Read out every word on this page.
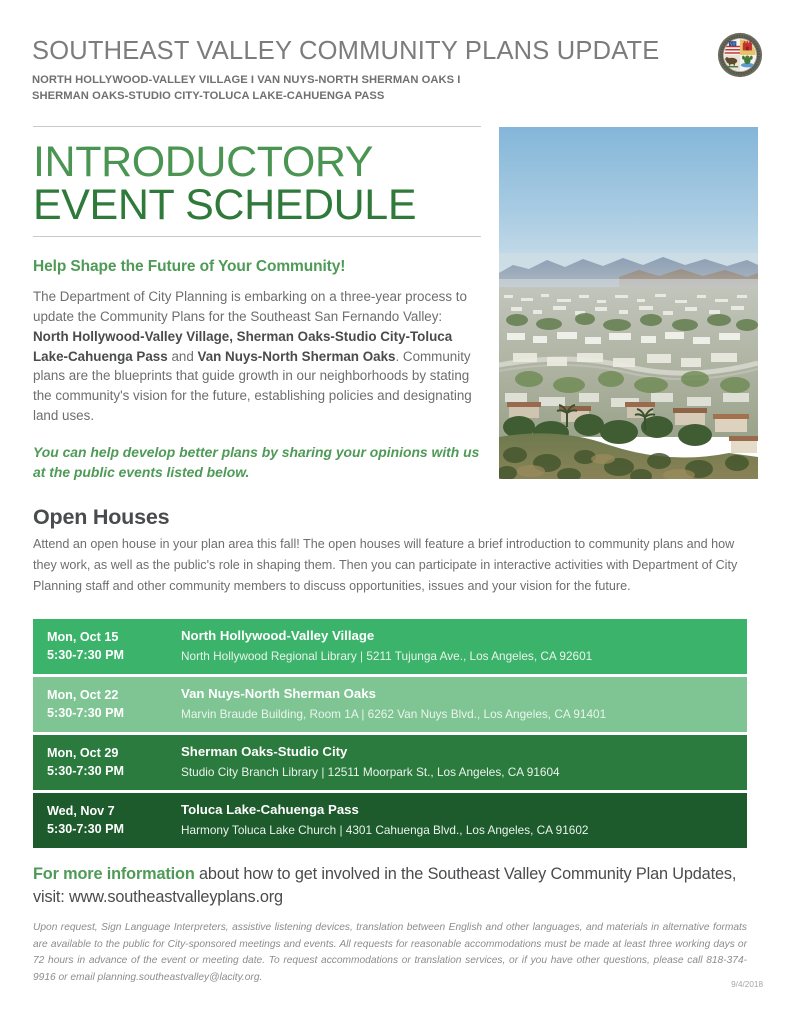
SOUTHEAST VALLEY COMMUNITY PLANS UPDATE
NORTH HOLLYWOOD-VALLEY VILLAGE I VAN NUYS-NORTH SHERMAN OAKS I
SHERMAN OAKS-STUDIO CITY-TOLUCA LAKE-CAHUENGA PASS
INTRODUCTORY
EVENT SCHEDULE
Help Shape the Future of Your Community!
The Department of City Planning is embarking on a three-year process to update the Community Plans for the Southeast San Fernando Valley: North Hollywood-Valley Village, Sherman Oaks-Studio City-Toluca Lake-Cahuenga Pass and Van Nuys-North Sherman Oaks. Community plans are the blueprints that guide growth in our neighborhoods by stating the community's vision for the future, establishing policies and designating land uses.
You can help develop better plans by sharing your opinions with us at the public events listed below.
Open Houses
Attend an open house in your plan area this fall! The open houses will feature a brief introduction to community plans and how they work, as well as the public's role in shaping them. Then you can participate in interactive activities with Department of City Planning staff and other community members to discuss opportunities, issues and your vision for the future.
Mon, Oct 15
5:30-7:30 PM
North Hollywood-Valley Village
North Hollywood Regional Library | 5211 Tujunga Ave., Los Angeles, CA 92601
Mon, Oct 22
5:30-7:30 PM
Van Nuys-North Sherman Oaks
Marvin Braude Building, Room 1A | 6262 Van Nuys Blvd., Los Angeles, CA 91401
Mon, Oct 29
5:30-7:30 PM
Sherman Oaks-Studio City
Studio City Branch Library | 12511 Moorpark St., Los Angeles, CA 91604
Wed, Nov 7
5:30-7:30 PM
Toluca Lake-Cahuenga Pass
Harmony Toluca Lake Church | 4301 Cahuenga Blvd., Los Angeles, CA 91602
For more information about how to get involved in the Southeast Valley Community Plan Updates, visit: www.southeastvalleyplans.org
Upon request, Sign Language Interpreters, assistive listening devices, translation between English and other languages, and materials in alternative formats are available to the public for City-sponsored meetings and events. All requests for reasonable accommodations must be made at least three working days or 72 hours in advance of the event or meeting date. To request accommodations or translation services, or if you have other questions, please call 818-374-9916 or email planning.southeastvalley@lacity.org.
9/4/2018
